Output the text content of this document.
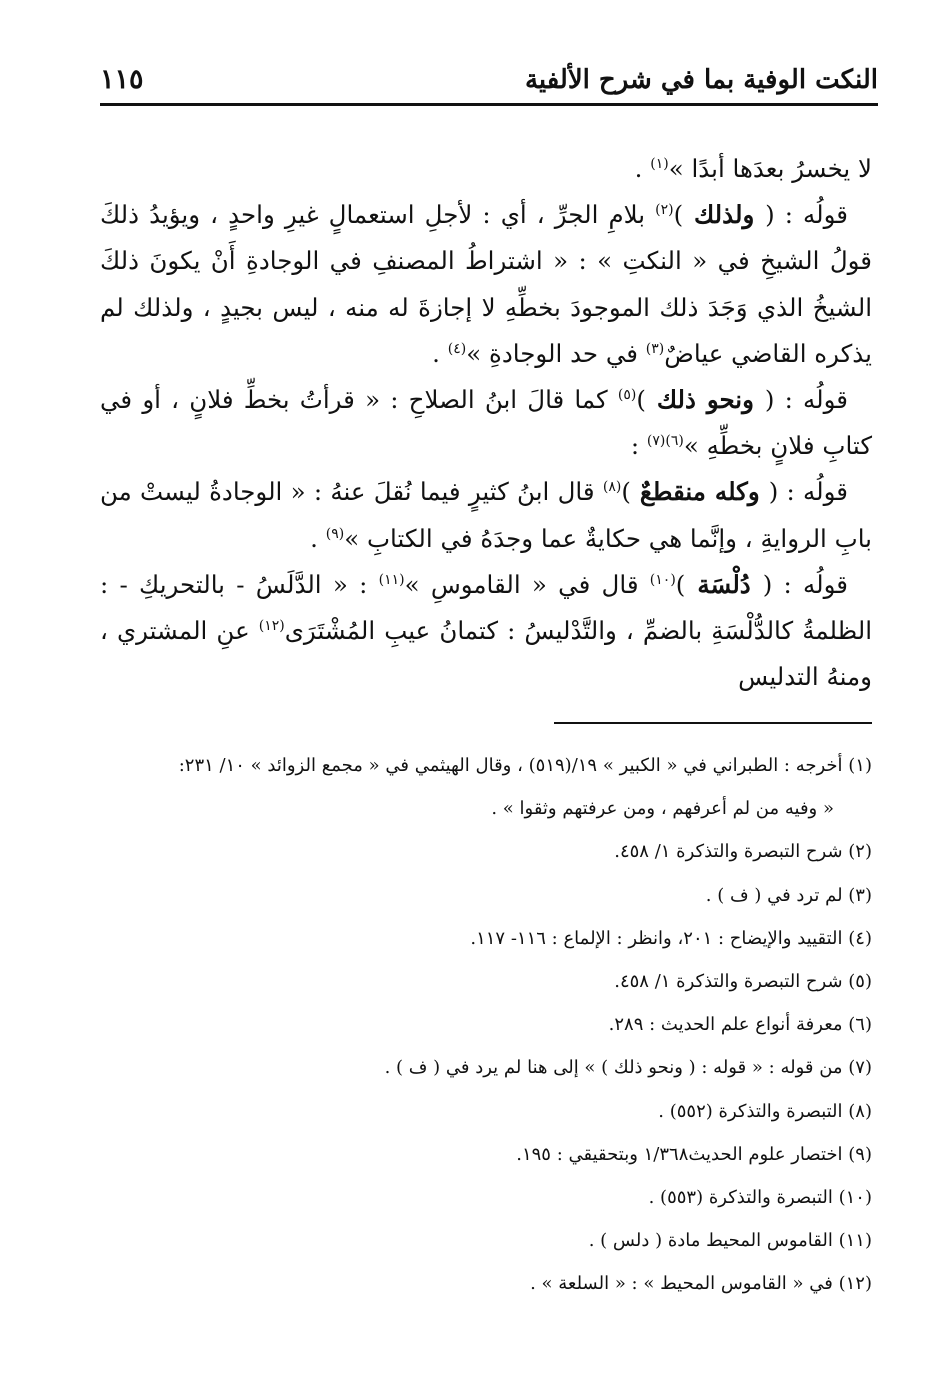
النكت الوفية بما في شرح الألفية
١١٥

لا يخسرُ بعدَها أبدًا »$^{(١)}$ .

قولُه : ( ولذلك )$^{(٢)}$ بلامِ الجرِّ ، أي : لأجلِ استعمالٍ غيرِ واحدٍ ، ويؤيدُ ذلكَ قولُ الشيخِ في « النكتِ » : « اشتراطُ المصنفِ في الوجادةِ أَنْ يكونَ ذلكَ الشيخُ الذي وَجَدَ ذلك الموجودَ بخطِّهِ لا إجازةَ له منه ، ليس بجيدٍ ، ولذلك لم يذكره القاضي عياضٌ$^{(٣)}$ في حد الوجادةِ »$^{(٤)}$ .

قولُه : ( ونحو ذلك )$^{(٥)}$ كما قالَ ابنُ الصلاحِ : « قرأتُ بخطِّ فلانٍ ، أو في كتابِ فلانٍ بخطِّهِ »$^{(٦)(٧)}$ :

قولُه : ( وكله منقطعٌ )$^{(٨)}$ قال ابنُ كثيرٍ فيما نُقلَ عنهُ : « الوجادةُ ليستْ من بابِ الروايةِ ، وإنَّما هي حكايةٌ عما وجدَهُ في الكتابِ »$^{(٩)}$ .

قولُه : ( دُلْسَة )$^{(١٠)}$ قال في « القاموسِ »$^{(١١)}$ : « الدَّلَسُ - بالتحريكِ - : الظلمةُ كالدُّلْسَةِ بالضمِّ ، والتَّدْليسُ : كتمانُ عيبِ المُشْتَرَى$^{(١٢)}$ عنِ المشتري ، ومنهُ التدليس

(١) أخرجه : الطبراني في « الكبير » ١٩/(٥١٩) ، وقال الهيثمي في « مجمع الزوائد » ١٠/ ٢٣١:

« وفيه من لم أعرفهم ، ومن عرفتهم وثقوا » .

(٢) شرح التبصرة والتذكرة ١/ ٤٥٨.

(٣) لم ترد في ( ف ) .

(٤) التقييد والإيضاح : ٢٠١، وانظر : الإلماع : ١١٦- ١١٧.

(٥) شرح التبصرة والتذكرة ١/ ٤٥٨.

(٦) معرفة أنواع علم الحديث : ٢٨٩.

(٧) من قوله : « قوله : ( ونحو ذلك ) » إلى هنا لم يرد في ( ف ) .

(٨) التبصرة والتذكرة (٥٥٢) .

(٩) اختصار علوم الحديث١/٣٦٨ وبتحقيقي : ١٩٥.

(١٠) التبصرة والتذكرة (٥٥٣) .

(١١) القاموس المحيط مادة ( دلس ) .

(١٢) في « القاموس المحيط » : « السلعة » .
